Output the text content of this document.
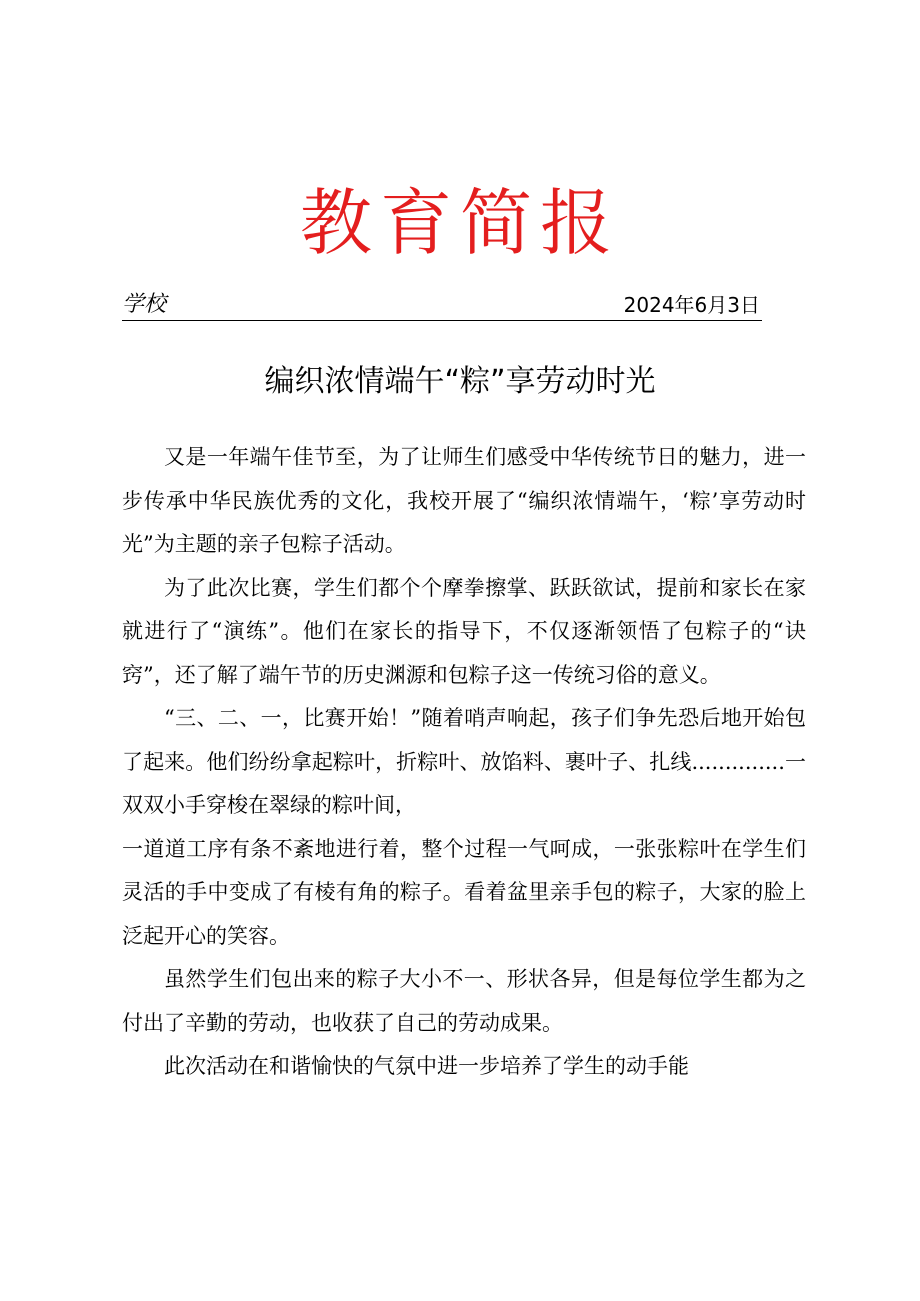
教育简报
学校	2024年6月3日
编织浓情端午“粽”享劳动时光

又是一年端午佳节至，为了让师生们感受中华传统节日的魅力，进一步传承中华民族优秀的文化，我校开展了“编织浓情端午，‘粽’享劳动时光”为主题的亲子包粽子活动。

为了此次比赛，学生们都个个摩拳擦掌、跃跃欲试，提前和家长在家就进行了“演练”。他们在家长的指导下，不仅逐渐领悟了包粽子的“诀窍”，还了解了端午节的历史渊源和包粽子这一传统习俗的意义。

“三、二、一，比赛开始！”随着哨声响起，孩子们争先恐后地开始包了起来。他们纷纷拿起粽叶，折粽叶、放馅料、裹叶子、扎线..............一双双小手穿梭在翠绿的粽叶间，
一道道工序有条不紊地进行着，整个过程一气呵成，一张张粽叶在学生们灵活的手中变成了有棱有角的粽子。看着盆里亲手包的粽子，大家的脸上泛起开心的笑容。

虽然学生们包出来的粽子大小不一、形状各异，但是每位学生都为之付出了辛勤的劳动，也收获了自己的劳动成果。

此次活动在和谐愉快的气氛中进一步培养了学生的动手能
